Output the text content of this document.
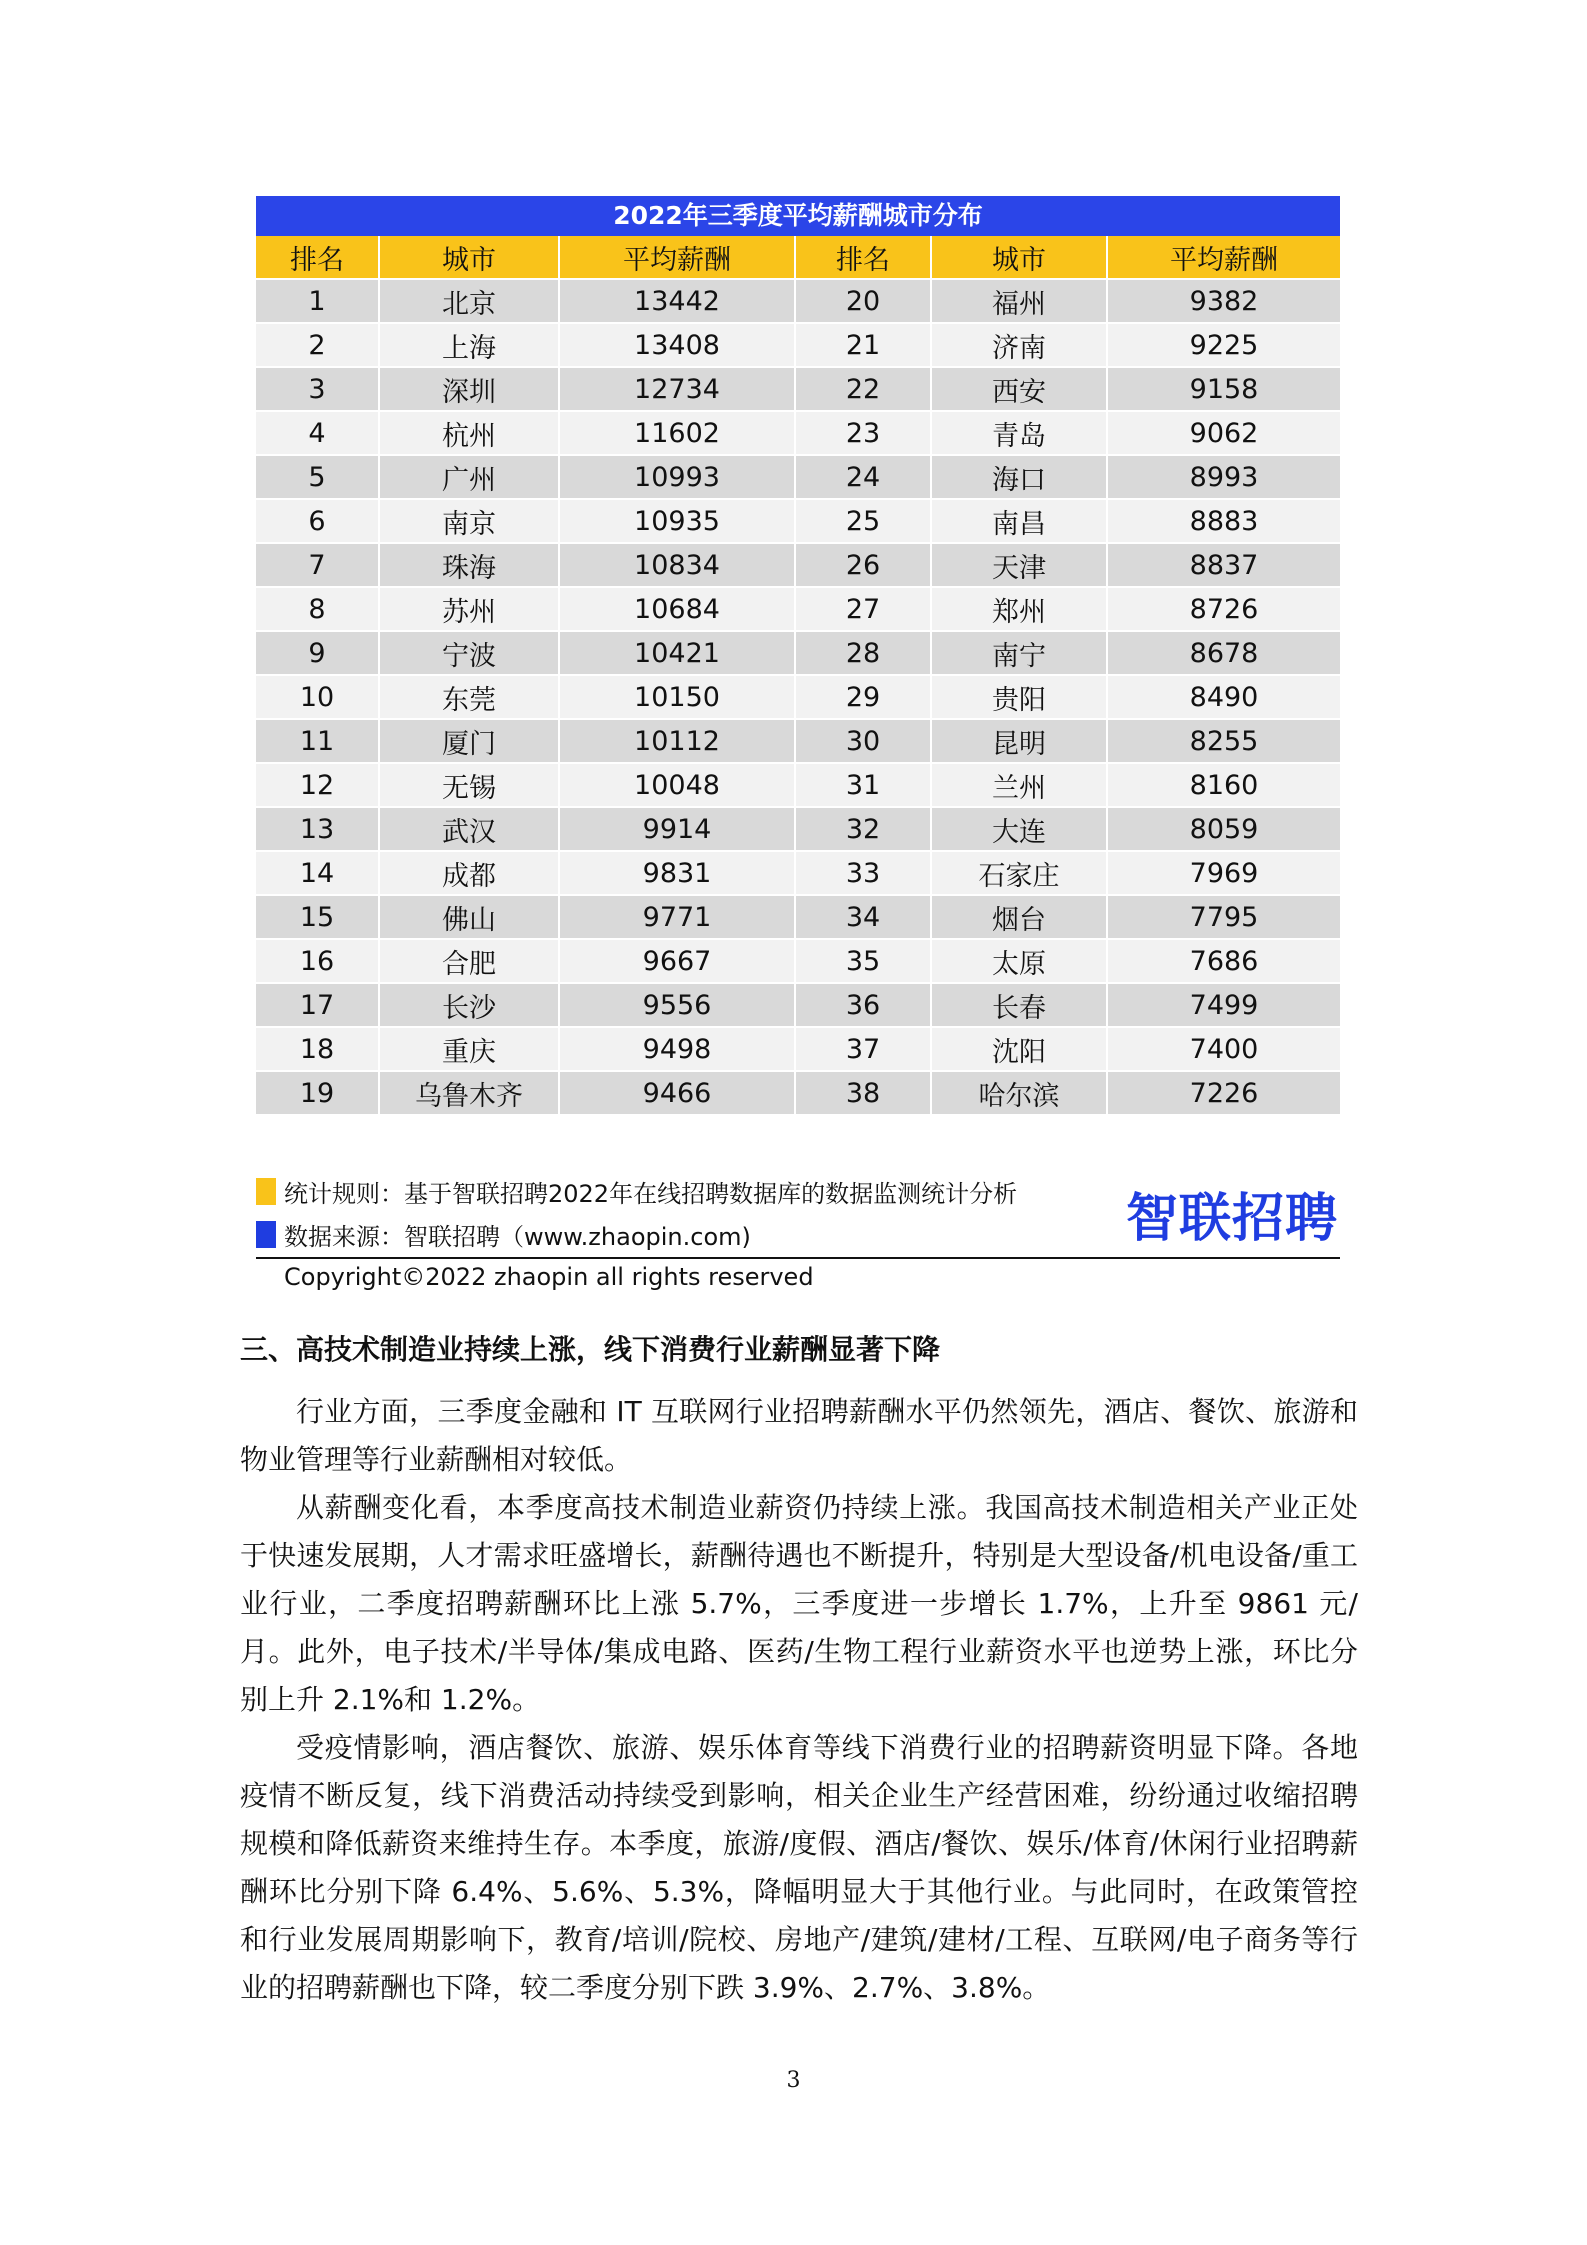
2022年三季度平均薪酬城市分布
排名	城市	平均薪酬	排名	城市	平均薪酬
1	北京	13442	20	福州	9382
2	上海	13408	21	济南	9225
3	深圳	12734	22	西安	9158
4	杭州	11602	23	青岛	9062
5	广州	10993	24	海口	8993
6	南京	10935	25	南昌	8883
7	珠海	10834	26	天津	8837
8	苏州	10684	27	郑州	8726
9	宁波	10421	28	南宁	8678
10	东莞	10150	29	贵阳	8490
11	厦门	10112	30	昆明	8255
12	无锡	10048	31	兰州	8160
13	武汉	9914	32	大连	8059
14	成都	9831	33	石家庄	7969
15	佛山	9771	34	烟台	7795
16	合肥	9667	35	太原	7686
17	长沙	9556	36	长春	7499
18	重庆	9498	37	沈阳	7400
19	乌鲁木齐	9466	38	哈尔滨	7226
统计规则：基于智联招聘2022年在线招聘数据库的数据监测统计分析
数据来源：智联招聘（www.zhaopin.com)	智联招聘
Copyright©2022 zhaopin all rights reserved
三、高技术制造业持续上涨，线下消费行业薪酬显著下降
行业方面，三季度金融和 IT 互联网行业招聘薪酬水平仍然领先，酒店、餐饮、旅游和物业管理等行业薪酬相对较低。
从薪酬变化看，本季度高技术制造业薪资仍持续上涨。我国高技术制造相关产业正处于快速发展期，人才需求旺盛增长，薪酬待遇也不断提升，特别是大型设备/机电设备/重工业行业，二季度招聘薪酬环比上涨 5.7%，三季度进一步增长 1.7%，上升至 9861 元/月。此外，电子技术/半导体/集成电路、医药/生物工程行业薪资水平也逆势上涨，环比分别上升 2.1%和 1.2%。
受疫情影响，酒店餐饮、旅游、娱乐体育等线下消费行业的招聘薪资明显下降。各地疫情不断反复，线下消费活动持续受到影响，相关企业生产经营困难，纷纷通过收缩招聘规模和降低薪资来维持生存。本季度，旅游/度假、酒店/餐饮、娱乐/体育/休闲行业招聘薪酬环比分别下降 6.4%、5.6%、5.3%，降幅明显大于其他行业。与此同时，在政策管控和行业发展周期影响下，教育/培训/院校、房地产/建筑/建材/工程、互联网/电子商务等行业的招聘薪酬也下降，较二季度分别下跌 3.9%、2.7%、3.8%。
3
